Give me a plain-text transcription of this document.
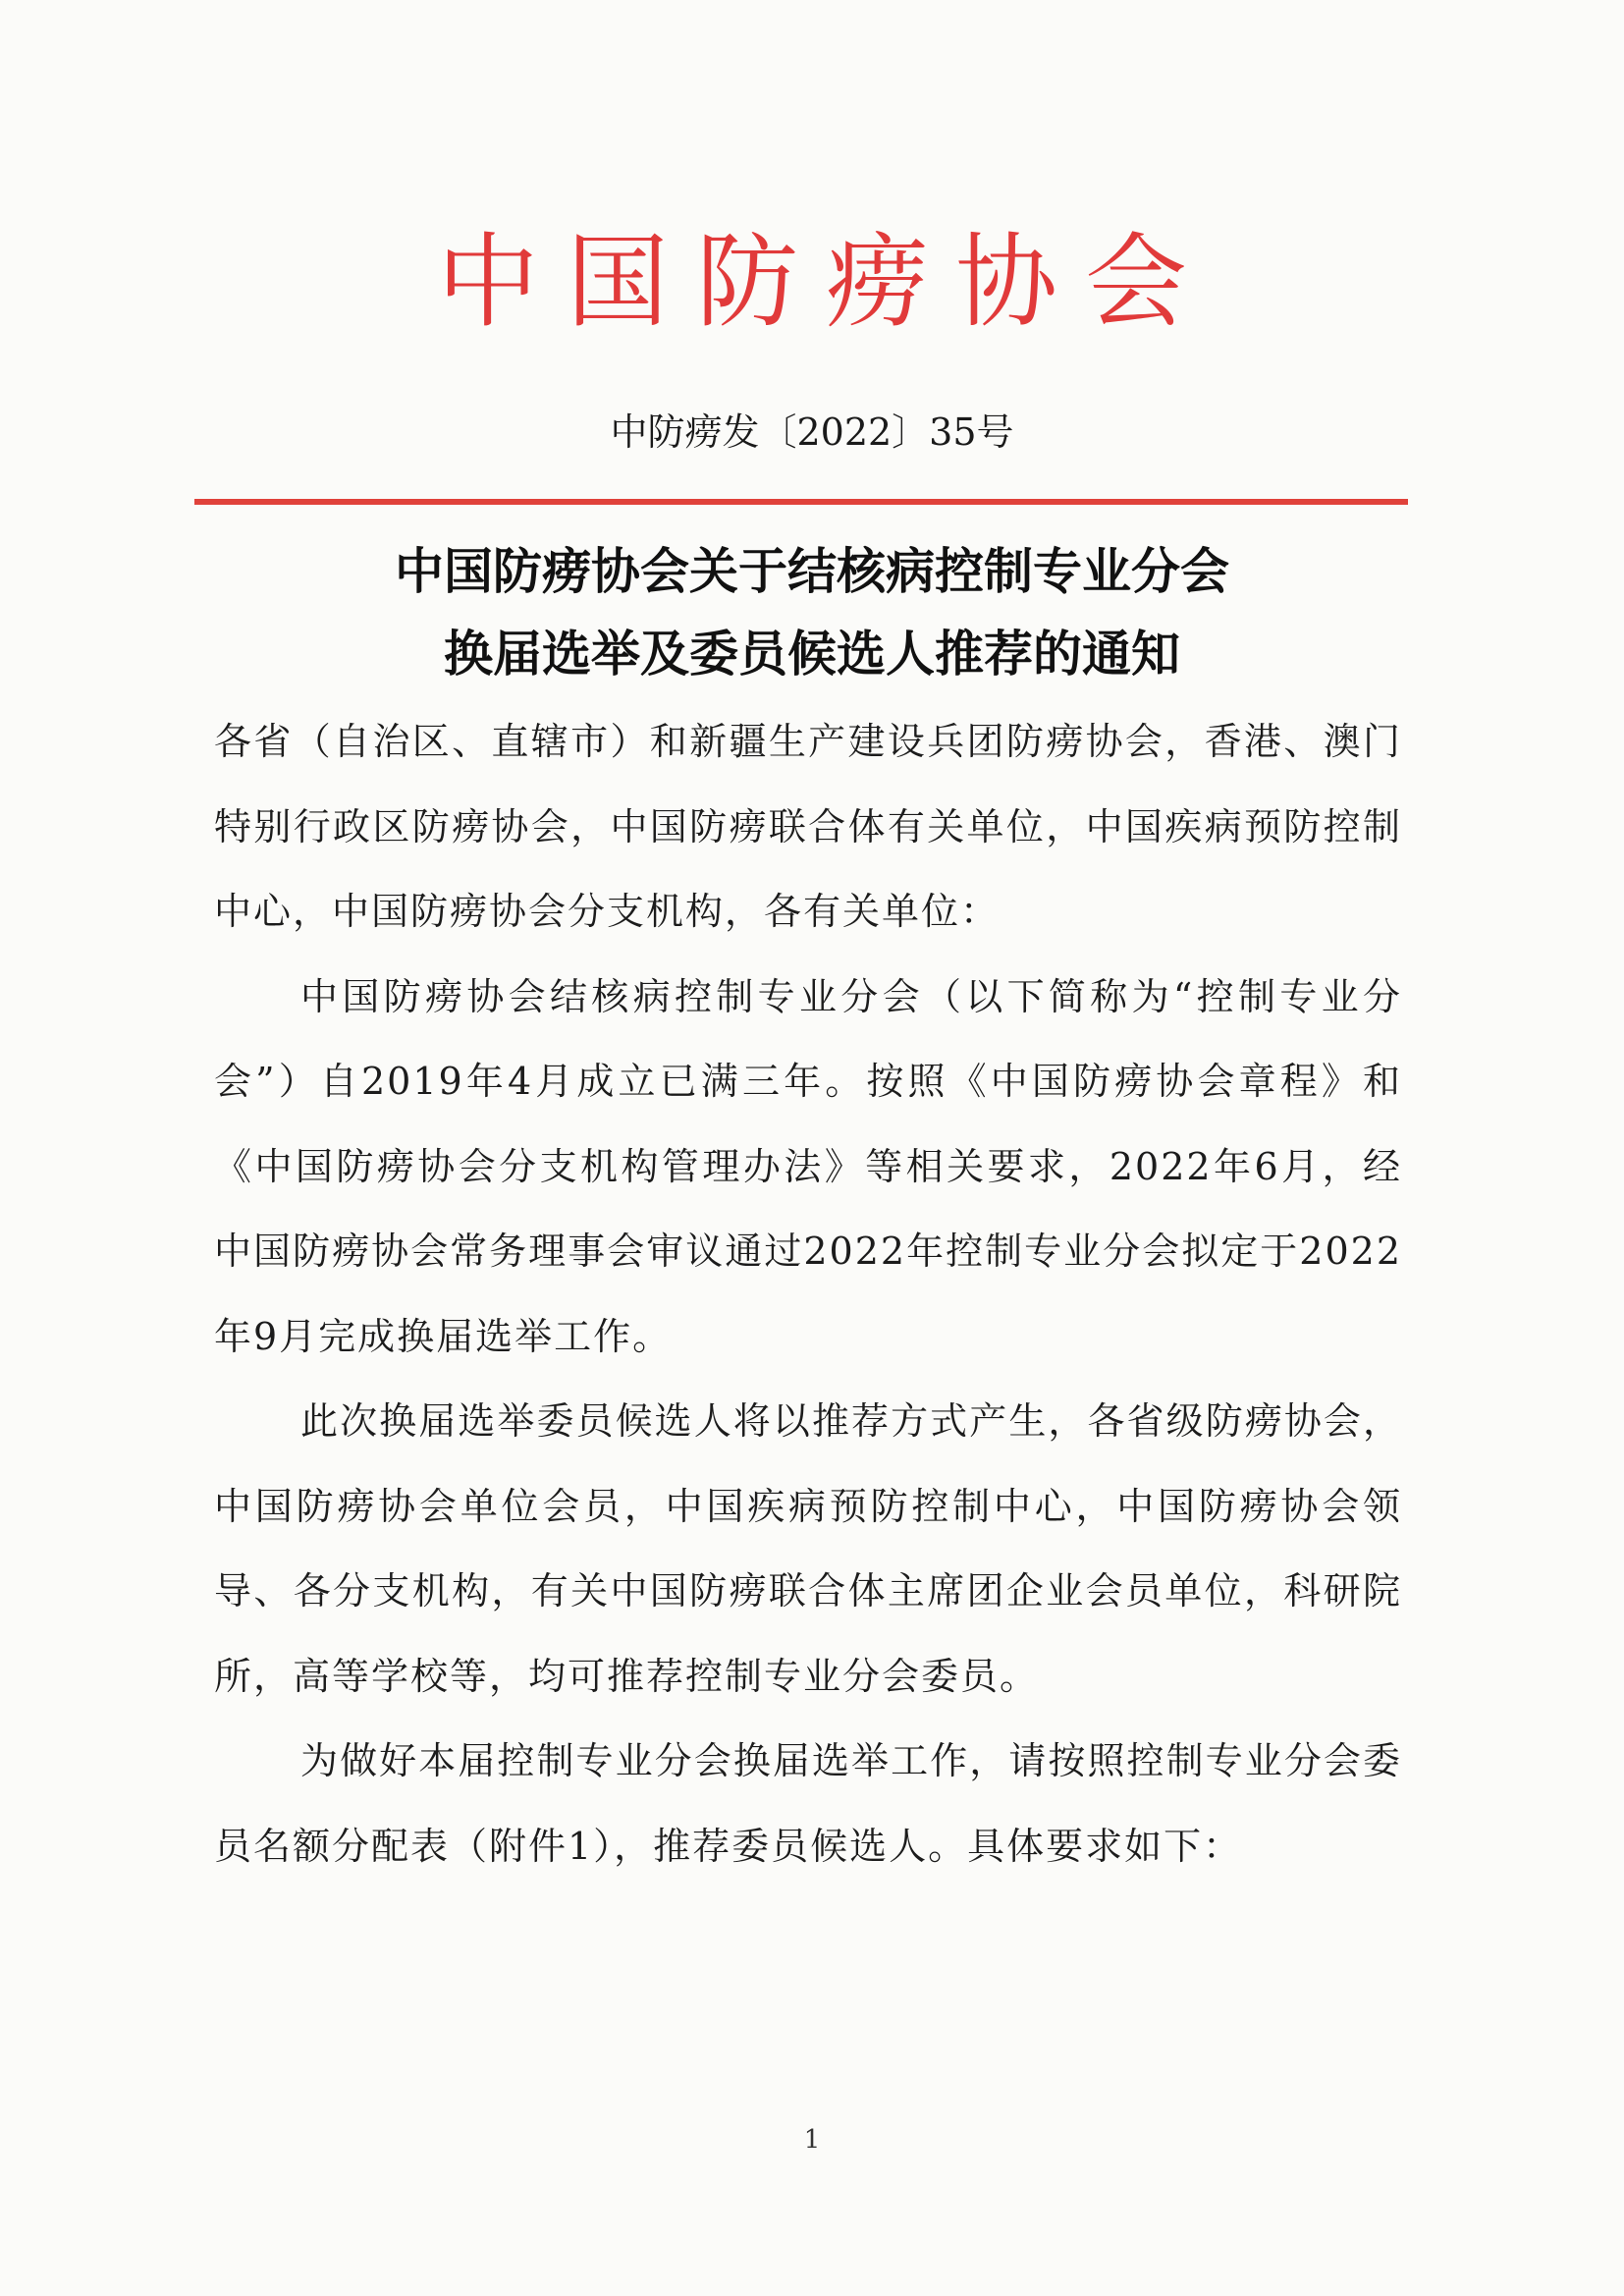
中国防痨协会
中防痨发〔2022〕35号
中国防痨协会关于结核病控制专业分会
换届选举及委员候选人推荐的通知

各省（自治区、直辖市）和新疆生产建设兵团防痨协会，香港、澳门特别行政区防痨协会，中国防痨联合体有关单位，中国疾病预防控制中心，中国防痨协会分支机构，各有关单位：

中国防痨协会结核病控制专业分会（以下简称为“控制专业分会”）自2019年4月成立已满三年。按照《中国防痨协会章程》和《中国防痨协会分支机构管理办法》等相关要求，2022年6月，经中国防痨协会常务理事会审议通过2022年控制专业分会拟定于2022年9月完成换届选举工作。

此次换届选举委员候选人将以推荐方式产生，各省级防痨协会，中国防痨协会单位会员，中国疾病预防控制中心，中国防痨协会领导、各分支机构，有关中国防痨联合体主席团企业会员单位，科研院所，高等学校等，均可推荐控制专业分会委员。

为做好本届控制专业分会换届选举工作，请按照控制专业分会委员名额分配表（附件1），推荐委员候选人。具体要求如下：

1
